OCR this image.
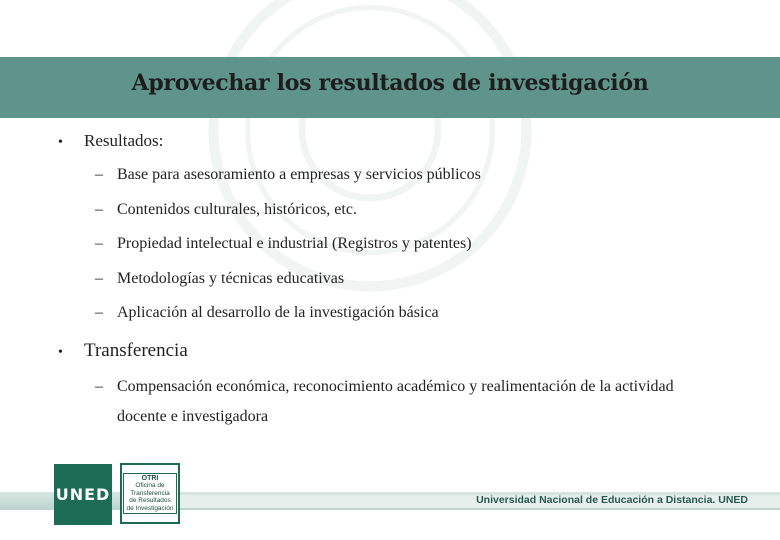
Aprovechar los resultados de investigación
•	Resultados:
– Base para asesoramiento a empresas y servicios públicos
– Contenidos culturales, históricos, etc.
– Propiedad intelectual e industrial (Registros y patentes)
– Metodologías y técnicas educativas
– Aplicación al desarrollo de la investigación básica
•	Transferencia
– Compensación económica, reconocimiento académico y realimentación de la actividad
docente e investigadora
Universidad Nacional de Educación a Distancia. UNED
UNED
OTRI
Oficina de
Transferencia
de Resultados
de Investigación
